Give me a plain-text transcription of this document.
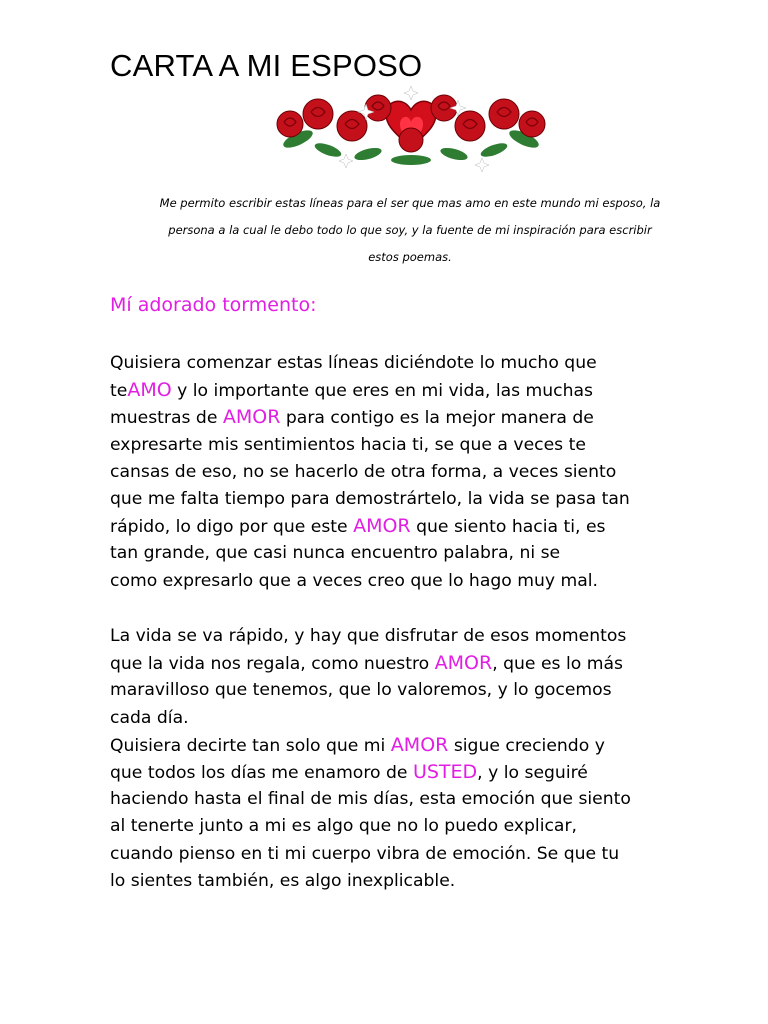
CARTA A MI ESPOSO
Me permito escribir estas líneas para el ser que mas amo en este mundo mi esposo, la
persona a la cual le debo todo lo que soy, y la fuente de mi inspiración para escribir
estos poemas.
Mí adorado tormento:
Quisiera comenzar estas líneas diciéndote lo mucho que
teAMO y lo importante que eres en mi vida, las muchas
muestras de AMOR para contigo es la mejor manera de
expresarte mis sentimientos hacia ti, se que a veces te
cansas de eso, no se hacerlo de otra forma, a veces siento
que me falta tiempo para demostrártelo, la vida se pasa tan
rápido, lo digo por que este AMOR que siento hacia ti, es
tan grande, que casi nunca encuentro palabra, ni se
como expresarlo que a veces creo que lo hago muy mal.
La vida se va rápido, y hay que disfrutar de esos momentos
que la vida nos regala, como nuestro AMOR, que es lo más
maravilloso que tenemos, que lo valoremos, y lo gocemos
cada día.
Quisiera decirte tan solo que mi AMOR sigue creciendo y
que todos los días me enamoro de USTED, y lo seguiré
haciendo hasta el final de mis días, esta emoción que siento
al tenerte junto a mi es algo que no lo puedo explicar,
cuando pienso en ti mi cuerpo vibra de emoción. Se que tu
lo sientes también, es algo inexplicable.
